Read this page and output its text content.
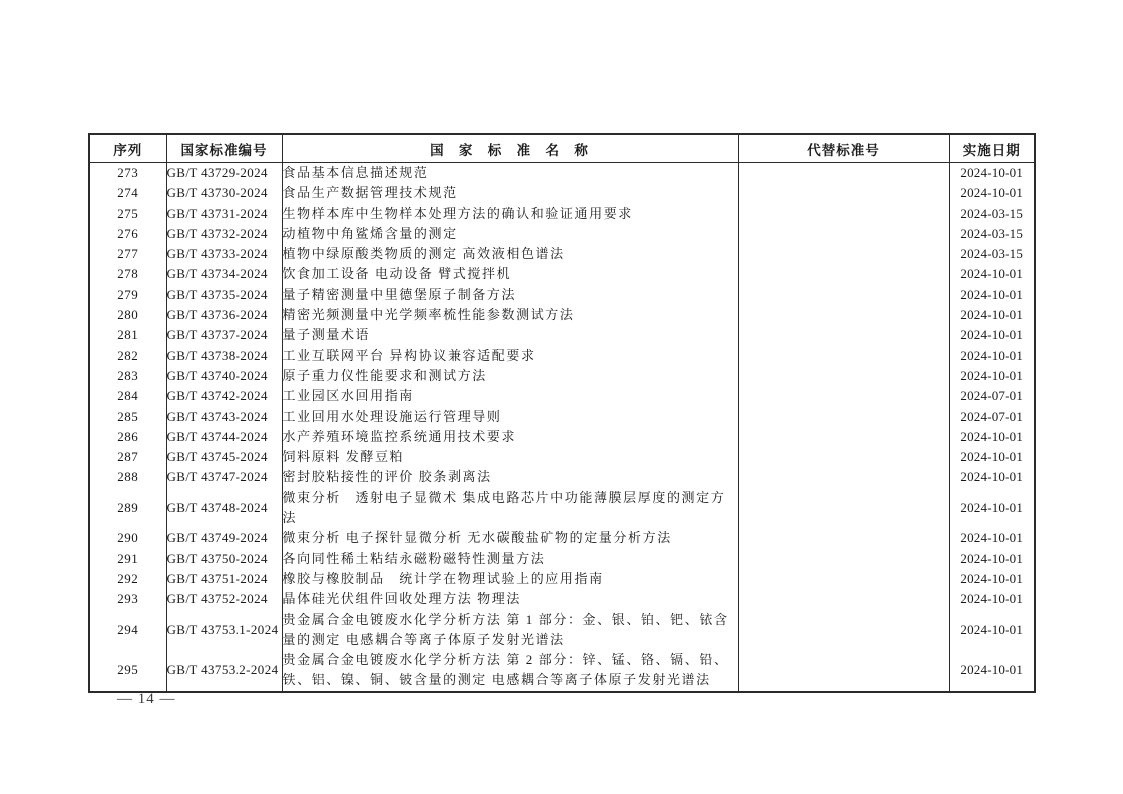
序列	国家标准编号	国 家 标 准 名 称	代替标准号	实施日期
273	GB/T 43729-2024	食品基本信息描述规范		2024-10-01
274	GB/T 43730-2024	食品生产数据管理技术规范		2024-10-01
275	GB/T 43731-2024	生物样本库中生物样本处理方法的确认和验证通用要求		2024-03-15
276	GB/T 43732-2024	动植物中角鲨烯含量的测定		2024-03-15
277	GB/T 43733-2024	植物中绿原酸类物质的测定 高效液相色谱法		2024-03-15
278	GB/T 43734-2024	饮食加工设备 电动设备 臂式搅拌机		2024-10-01
279	GB/T 43735-2024	量子精密测量中里德堡原子制备方法		2024-10-01
280	GB/T 43736-2024	精密光频测量中光学频率梳性能参数测试方法		2024-10-01
281	GB/T 43737-2024	量子测量术语		2024-10-01
282	GB/T 43738-2024	工业互联网平台 异构协议兼容适配要求		2024-10-01
283	GB/T 43740-2024	原子重力仪性能要求和测试方法		2024-10-01
284	GB/T 43742-2024	工业园区水回用指南		2024-07-01
285	GB/T 43743-2024	工业回用水处理设施运行管理导则		2024-07-01
286	GB/T 43744-2024	水产养殖环境监控系统通用技术要求		2024-10-01
287	GB/T 43745-2024	饲料原料 发酵豆粕		2024-10-01
288	GB/T 43747-2024	密封胶粘接性的评价 胶条剥离法		2024-10-01
289	GB/T 43748-2024	微束分析　透射电子显微术 集成电路芯片中功能薄膜层厚度的测定方法		2024-10-01
290	GB/T 43749-2024	微束分析 电子探针显微分析 无水碳酸盐矿物的定量分析方法		2024-10-01
291	GB/T 43750-2024	各向同性稀土粘结永磁粉磁特性测量方法		2024-10-01
292	GB/T 43751-2024	橡胶与橡胶制品　统计学在物理试验上的应用指南		2024-10-01
293	GB/T 43752-2024	晶体硅光伏组件回收处理方法 物理法		2024-10-01
294	GB/T 43753.1-2024	贵金属合金电镀废水化学分析方法 第 1 部分：金、银、铂、钯、铱含量的测定 电感耦合等离子体原子发射光谱法		2024-10-01
295	GB/T 43753.2-2024	贵金属合金电镀废水化学分析方法 第 2 部分：锌、锰、铬、镉、铅、铁、铝、镍、铜、铍含量的测定 电感耦合等离子体原子发射光谱法		2024-10-01
— 14 —
